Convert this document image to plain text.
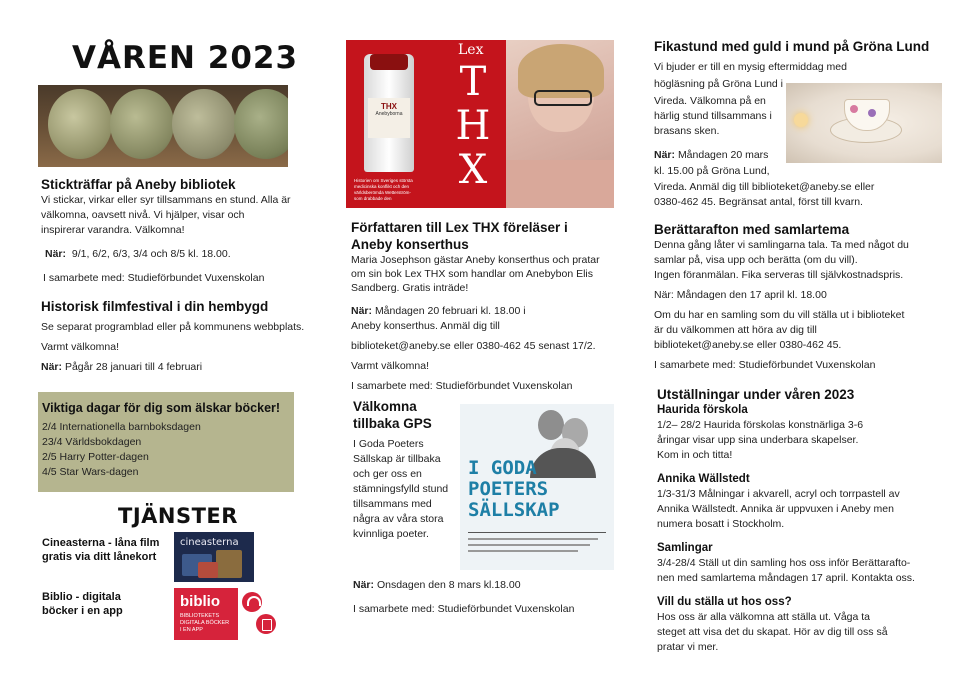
VÅREN 2023

Stickträffar på Aneby bibliotek

Vi stickar, virkar eller syr tillsammans en stund. Alla är

välkomna, oavsett nivå. Vi hjälper, visar och

inspirerar varandra. Välkomna!

När: 9/1, 6/2, 6/3, 3/4 och 8/5 kl. 18.00.

I samarbete med: Studieförbundet Vuxenskolan

Historisk filmfestival i din hembygd

Se separat programblad eller på kommunens webbplats.

Varmt välkomna!

När: Pågår 28 januari till 4 februari

Viktiga dagar för dig som älskar böcker!

2/4 Internationella barnboksdagen

23/4 Världsbokdagen

2/5 Harry Potter-dagen

4/5 Star Wars-dagen

TJÄNSTER
Cineasterna - låna film
gratis via ditt lånekort
cineasterna
Biblio - digitala
böcker i en app
biblio
BIBLIOTEKETS
DIGITALA BÖCKER
I EN APP
THX
Anebyborna
Lex
T
H
X
Historien om Sveriges största
medicinska konflikt och den
världsberömda Wetterström-
som drabbade den

Författaren till Lex THX föreläser i

Aneby konserthus

Maria Josephson gästar Aneby konserthus och pratar

om sin bok Lex THX som handlar om Anebybon Elis

Sandberg. Gratis inträde!

När: Måndagen 20 februari kl. 18.00 i

Aneby konserthus. Anmäl dig till

biblioteket@aneby.se eller 0380-462 45 senast 17/2.

Varmt välkomna!

I samarbete med: Studieförbundet Vuxenskolan

Välkomna

tillbaka GPS

I Goda Poeters

Sällskap är tillbaka

och ger oss en

stämningsfylld stund

tillsammans med

några av våra stora

kvinnliga poeter.

I GODA
POETERS
SÄLLSKAP

När: Onsdagen den 8 mars kl.18.00

I samarbete med: Studieförbundet Vuxenskolan

Fikastund med guld i mund på Gröna Lund

Vi bjuder er till en mysig eftermiddag med

högläsning på Gröna Lund i

Vireda. Välkomna på en

härlig stund tillsammans i

brasans sken.

När: Måndagen 20 mars

kl. 15.00 på Gröna Lund,

Vireda. Anmäl dig till biblioteket@aneby.se eller

0380-462 45. Begränsat antal, först till kvarn.

Berättarafton med samlartema

Denna gång låter vi samlingarna tala. Ta med något du

samlar på, visa upp och berätta (om du vill).

Ingen föranmälan. Fika serveras till självkostnadspris.

När: Måndagen den 17 april kl. 18.00

Om du har en samling som du vill ställa ut i biblioteket

är du välkommen att höra av dig till

biblioteket@aneby.se eller 0380-462 45.

I samarbete med: Studieförbundet Vuxenskolan

Utställningar under våren 2023

Haurida förskola

1/2– 28/2 Haurida förskolas konstnärliga 3-6

åringar visar upp sina underbara skapelser.

Kom in och titta!

Annika Wällstedt

1/3-31/3 Målningar i akvarell, acryl och torrpastell av

Annika Wällstedt. Annika är uppvuxen i Aneby men

numera bosatt i Stockholm.

Samlingar

3/4-28/4 Ställ ut din samling hos oss inför Berättarafto-

nen med samlartema måndagen 17 april. Kontakta oss.

Vill du ställa ut hos oss?

Hos oss är alla välkomna att ställa ut. Våga ta

steget att visa det du skapat. Hör av dig till oss så

pratar vi mer.
